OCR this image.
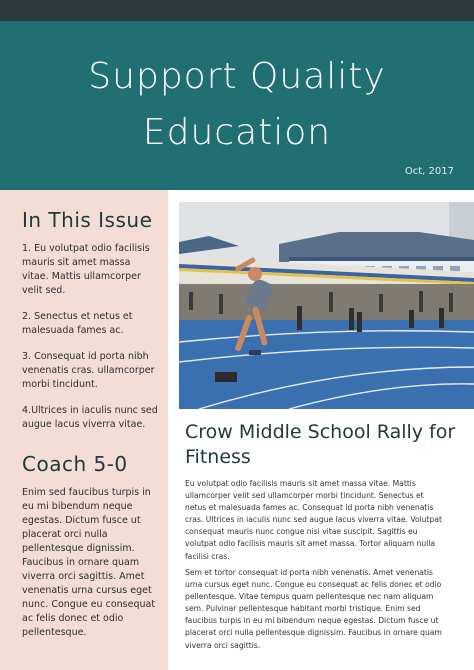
Support Quality
Education
Oct, 2017
In This Issue
1. Eu volutpat odio facilisis mauris sit amet massa vitae. Mattis ullamcorper velit sed.
2. Senectus et netus et malesuada fames ac.
3. Consequat id porta nibh venenatis cras. ullamcorper morbi tincidunt.
4.Ultrices in iaculis nunc sed augue lacus viverra vitae.
Coach 5-0
Enim sed faucibus turpis in eu mi bibendum neque egestas. Dictum fusce ut placerat orci nulla pellentesque dignissim. Faucibus in ornare quam viverra orci sagittis. Amet venenatis urna cursus eget nunc. Congue eu consequat ac felis donec et odio pellentesque.
Crow Middle School Rally for Fitness

Eu volutpat odio facilisis mauris sit amet massa vitae. Mattis ullamcorper velit sed ullamcorper morbi tincidunt. Senectus et netus et malesuada fames ac. Consequat id porta nibh venenatis cras. Ultrices in iaculis nunc sed augue lacus viverra vitae. Volutpat consequat mauris nunc congue nisi vitae suscipit. Sagittis eu volutpat odio facilisis mauris sit amet massa. Tortor aliquam nulla facilisi cras.

Sem et tortor consequat id porta nibh venenatis. Amet venenatis urna cursus eget nunc. Congue eu consequat ac felis donec et odio pellentesque. Vitae tempus quam pellentesque nec nam aliquam sem. Pulvinar pellentesque habitant morbi tristique. Enim sed faucibus turpis in eu mi bibendum neque egestas. Dictum fusce ut placerat orci nulla pellentesque dignissim. Faucibus in ornare quam viverra orci sagittis.
